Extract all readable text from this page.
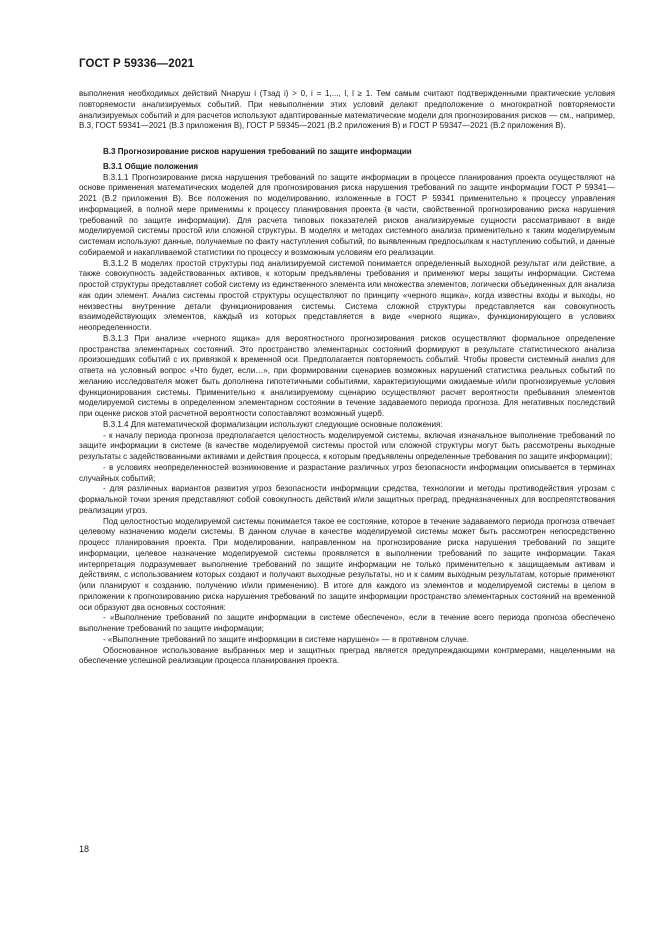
ГОСТ Р 59336—2021

выполнения необходимых действий Nнаруш i (Tзад i) > 0, i = 1,..., l, l ≥ 1. Тем самым считают подтвержденными практические условия повторяемости анализируемых событий. При невыполнении этих условий делают предположение о многократной повторяемости анализируемых событий и для расчетов используют адаптированные математические модели для прогнозирования рисков — см., например, В.3, ГОСТ 59341—2021 (В.3 приложения В), ГОСТ Р 59345—2021 (В.2 приложения В) и ГОСТ Р 59347—2021 (В.2 приложения В).

В.3 Прогнозирование рисков нарушения требований по защите информации

В.3.1 Общие положения

В.3.1.1 Прогнозирование риска нарушения требований по защите информации в процессе планирования проекта осуществляют на основе применения математических моделей для прогнозирования риска нарушения требований по защите информации ГОСТ Р 59341—2021 (В.2 приложения В). Все положения по моделированию, изложенные в ГОСТ Р 59341 применительно к процессу управления информацией, в полной мере применимы к процессу планирования проекта (в части, свойственной прогнозированию риска нарушения требований по защите информации). Для расчета типовых показателей рисков анализируемые сущности рассматривают в виде моделируемой системы простой или сложной структуры. В моделях и методах системного анализа применительно к таким моделируемым системам используют данные, получаемые по факту наступления событий, по выявленным предпосылкам к наступлению событий, и данные собираемой и накапливаемой статистики по процессу и возможным условиям его реализации.

В.3.1.2 В моделях простой структуры под анализируемой системой понимается определенный выходной результат или действие, а также совокупность задействованных активов, к которым предъявлены требования и применяют меры защиты информации. Система простой структуры представляет собой систему из единственного элемента или множества элементов, логически объединенных для анализа как один элемент. Анализ системы простой структуры осуществляют по принципу «черного ящика», когда известны входы и выходы, но неизвестны внутренние детали функционирования системы. Система сложной структуры представляется как совокупность взаимодействующих элементов, каждый из которых представляется в виде «черного ящика», функционирующего в условиях неопределенности.

В.3.1.3 При анализе «черного ящика» для вероятностного прогнозирования рисков осуществляют формальное определение пространства элементарных состояний. Это пространство элементарных состояний формируют в результате статистического анализа произошедших событий с их привязкой к временной оси. Предполагается повторяемость событий. Чтобы провести системный анализ для ответа на условный вопрос «Что будет, если…», при формировании сценариев возможных нарушений статистика реальных событий по желанию исследователя может быть дополнена гипотетичными событиями, характеризующими ожидаемые и/или прогнозируемые условия функционирования системы. Применительно к анализируемому сценарию осуществляют расчет вероятности пребывания элементов моделируемой системы в определенном элементарном состоянии в течение задаваемого периода прогноза. Для негативных последствий при оценке рисков этой расчетной вероятности сопоставляют возможный ущерб.

В.3.1.4 Для математической формализации используют следующие основные положения:

- к началу периода прогноза предполагается целостность моделируемой системы, включая изначальное выполнение требований по защите информации в системе (в качестве моделируемой системы простой или сложной структуры могут быть рассмотрены выходные результаты с задействованными активами и действия процесса, к которым предъявлены определенные требования по защите информации);

- в условиях неопределенностей возникновение и разрастание различных угроз безопасности информации описывается в терминах случайных событий;

- для различных вариантов развития угроз безопасности информации средства, технологии и методы противодействия угрозам с формальной точки зрения представляют собой совокупность действий и/или защитных преград, предназначенных для воспрепятствования реализации угроз.

Под целостностью моделируемой системы понимается такое ее состояние, которое в течение задаваемого периода прогноза отвечает целевому назначению модели системы. В данном случае в качестве моделируемой системы может быть рассмотрен непосредственно процесс планирования проекта. При моделировании, направленном на прогнозирование риска нарушения требований по защите информации, целевое назначение моделируемой системы проявляется в выполнении требований по защите информации. Такая интерпретация подразумевает выполнение требований по защите информации не только применительно к защищаемым активам и действиям, с использованием которых создают и получают выходные результаты, но и к самим выходным результатам, которые применяют (или планируют к созданию, получению и/или применению). В итоге для каждого из элементов и моделируемой системы в целом в приложении к прогнозированию риска нарушения требований по защите информации пространство элементарных состояний на временной оси образуют два основных состояния:

- «Выполнение требований по защите информации в системе обеспечено», если в течение всего периода прогноза обеспечено выполнение требований по защите информации;

- «Выполнение требований по защите информации в системе нарушено» — в противном случае.

Обоснованное использование выбранных мер и защитных преград является предупреждающими контрмерами, нацеленными на обеспечение успешной реализации процесса планирования проекта.

18
